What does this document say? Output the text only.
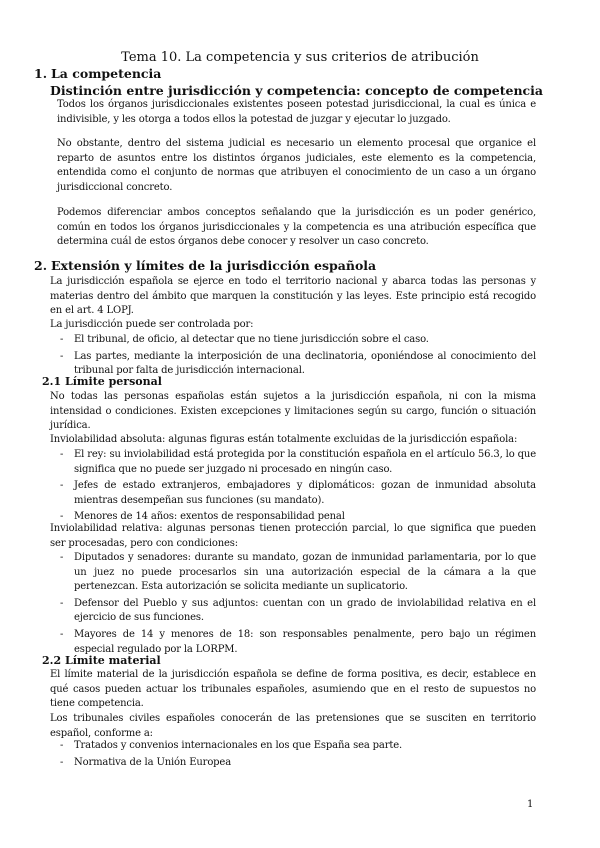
Tema 10. La competencia y sus criterios de atribución
1. La competencia
Distinción entre jurisdicción y competencia: concepto de competencia
Todos los órganos jurisdiccionales existentes poseen potestad jurisdiccional, la cual es única e indivisible, y les otorga a todos ellos la potestad de juzgar y ejecutar lo juzgado.
No obstante, dentro del sistema judicial es necesario un elemento procesal que organice el reparto de asuntos entre los distintos órganos judiciales, este elemento es la competencia, entendida como el conjunto de normas que atribuyen el conocimiento de un caso a un órgano jurisdiccional concreto.
Podemos diferenciar ambos conceptos señalando que la jurisdicción es un poder genérico, común en todos los órganos jurisdiccionales y la competencia es una atribución específica que determina cuál de estos órganos debe conocer y resolver un caso concreto.
2. Extensión y límites de la jurisdicción española
La jurisdicción española se ejerce en todo el territorio nacional y abarca todas las personas y materias dentro del ámbito que marquen la constitución y las leyes. Este principio está recogido en el art. 4 LOPJ.
La jurisdicción puede ser controlada por:
- El tribunal, de oficio, al detectar que no tiene jurisdicción sobre el caso.
- Las partes, mediante la interposición de una declinatoria, oponiéndose al conocimiento del tribunal por falta de jurisdicción internacional.
2.1 Límite personal
No todas las personas españolas están sujetos a la jurisdicción española, ni con la misma intensidad o condiciones. Existen excepciones y limitaciones según su cargo, función o situación jurídica.
Inviolabilidad absoluta: algunas figuras están totalmente excluidas de la jurisdicción española:
- El rey: su inviolabilidad está protegida por la constitución española en el artículo 56.3, lo que significa que no puede ser juzgado ni procesado en ningún caso.
- Jefes de estado extranjeros, embajadores y diplomáticos: gozan de inmunidad absoluta mientras desempeñan sus funciones (su mandato).
- Menores de 14 años: exentos de responsabilidad penal
Inviolabilidad relativa: algunas personas tienen protección parcial, lo que significa que pueden ser procesadas, pero con condiciones:
- Diputados y senadores: durante su mandato, gozan de inmunidad parlamentaria, por lo que un juez no puede procesarlos sin una autorización especial de la cámara a la que pertenezcan. Esta autorización se solicita mediante un suplicatorio.
- Defensor del Pueblo y sus adjuntos: cuentan con un grado de inviolabilidad relativa en el ejercicio de sus funciones.
- Mayores de 14 y menores de 18: son responsables penalmente, pero bajo un régimen especial regulado por la LORPM.
2.2 Límite material
El límite material de la jurisdicción española se define de forma positiva, es decir, establece en qué casos pueden actuar los tribunales españoles, asumiendo que en el resto de supuestos no tiene competencia.
Los tribunales civiles españoles conocerán de las pretensiones que se susciten en territorio español, conforme a:
- Tratados y convenios internacionales en los que España sea parte.
- Normativa de la Unión Europea
1
